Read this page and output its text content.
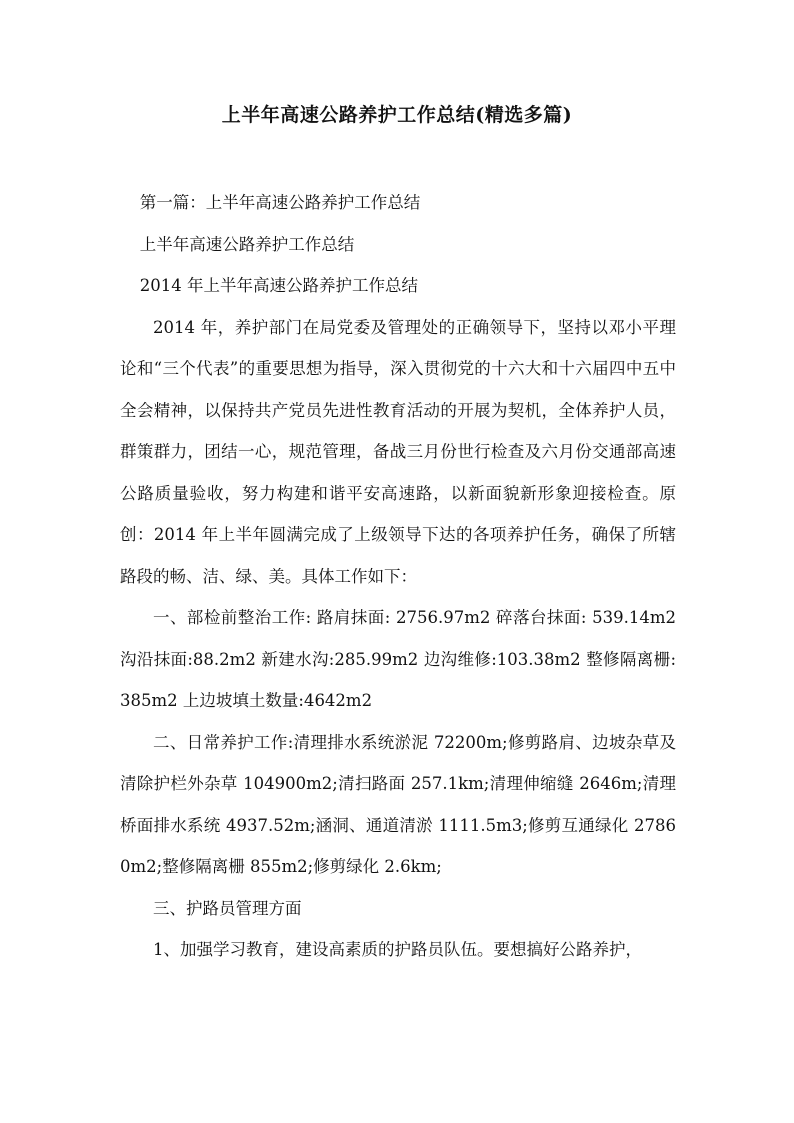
上半年高速公路养护工作总结(精选多篇)

第一篇：上半年高速公路养护工作总结

上半年高速公路养护工作总结

2014 年上半年高速公路养护工作总结

2014 年，养护部门在局党委及管理处的正确领导下，坚持以邓小平理论和“三个代表”的重要思想为指导，深入贯彻党的十六大和十六届四中五中全会精神，以保持共产党员先进性教育活动的开展为契机，全体养护人员，群策群力，团结一心，规范管理，备战三月份世行检查及六月份交通部高速公路质量验收，努力构建和谐平安高速路，以新面貌新形象迎接检查。原创：2014 年上半年圆满完成了上级领导下达的各项养护任务，确保了所辖路段的畅、洁、绿、美。具体工作如下：

一、部检前整治工作: 路肩抹面: 2756.97m2 碎落台抹面: 539.14m2 沟沿抹面:88.2m2 新建水沟:285.99m2 边沟维修:103.38m2 整修隔离栅:385m2 上边坡填土数量:4642m2

二、日常养护工作:清理排水系统淤泥 72200m;修剪路肩、边坡杂草及清除护栏外杂草 104900m2;清扫路面 257.1km;清理伸缩缝 2646m;清理桥面排水系统 4937.52m;涵洞、通道清淤 1111.5m3;修剪互通绿化 27860m2;整修隔离栅 855m2;修剪绿化 2.6km;

三、护路员管理方面

1、加强学习教育，建设高素质的护路员队伍。要想搞好公路养护，
